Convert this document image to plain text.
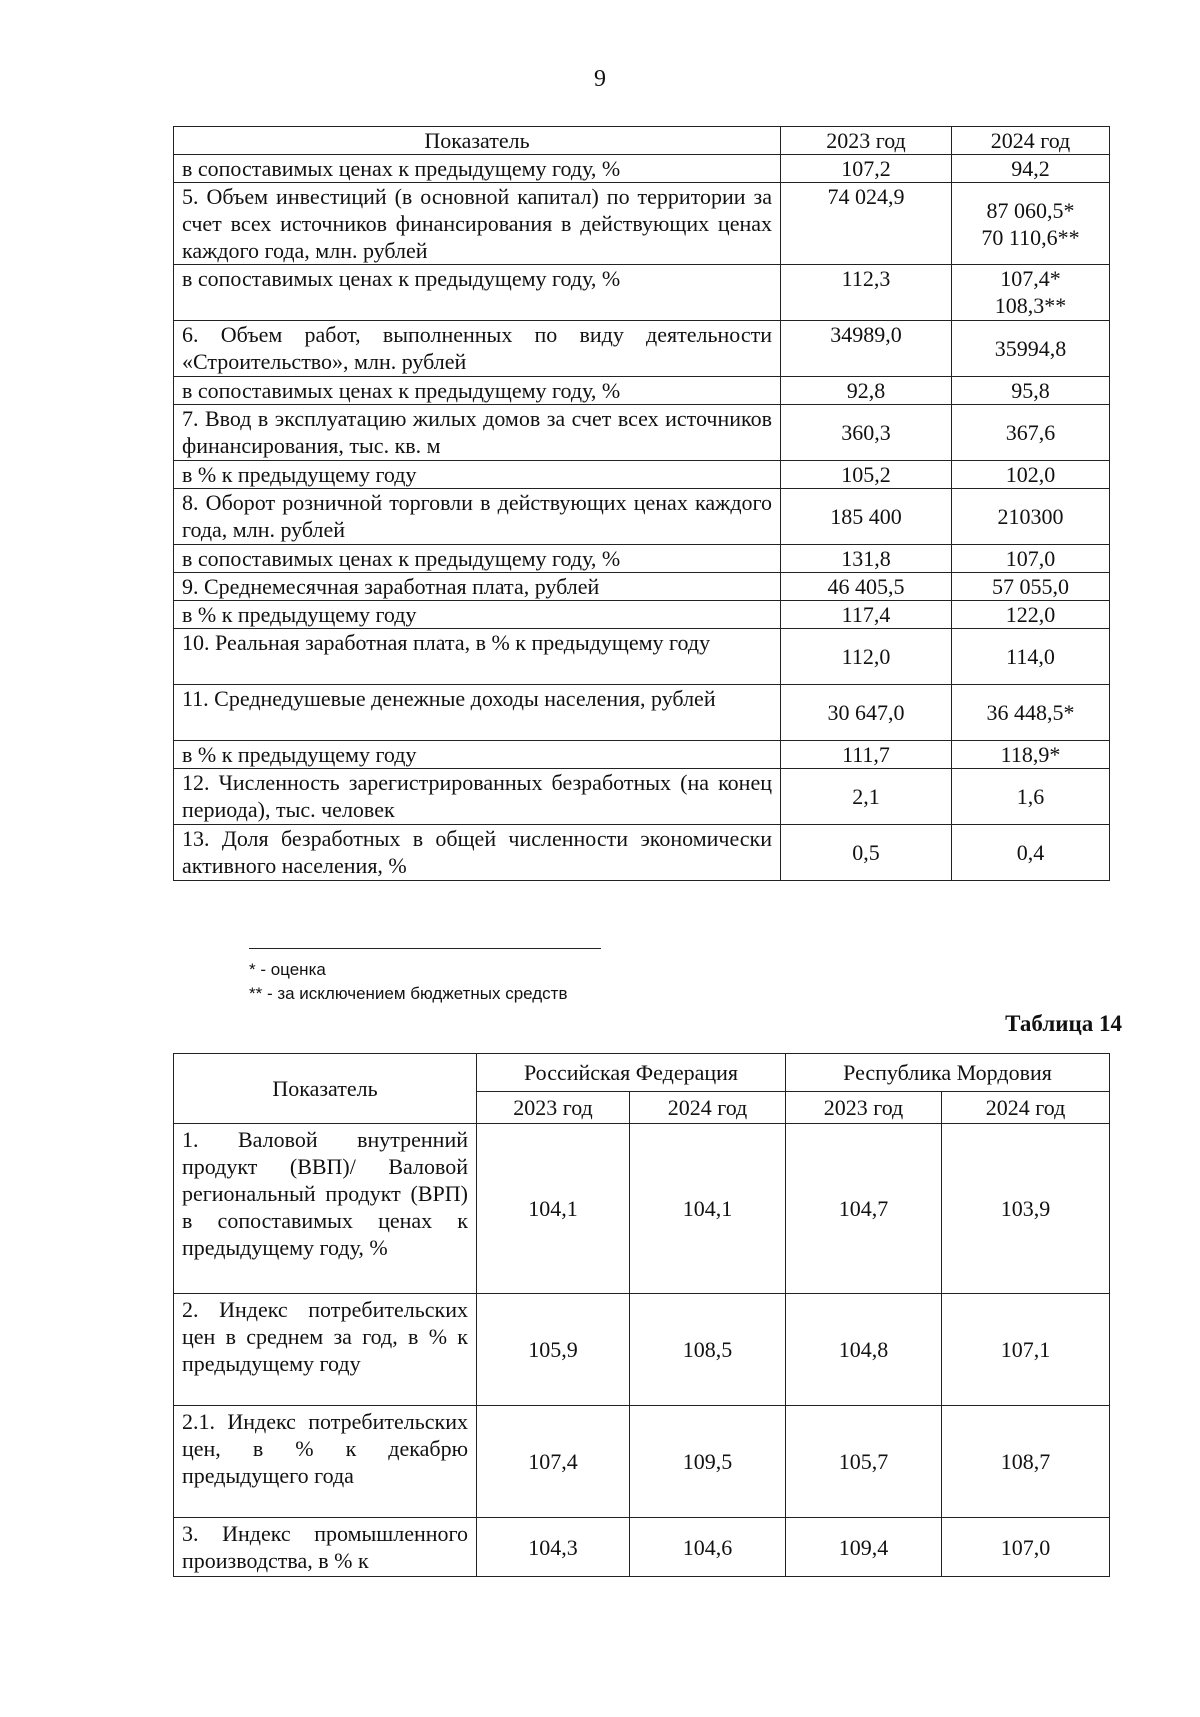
9
Показатель	2023 год	2024 год
в сопоставимых ценах к предыдущему году, %	107,2	94,2
5. Объем инвестиций (в основной капитал) по территории за счет всех источников финансирования в действующих ценах каждого года, млн. рублей	74 024,9	87 060,5*
70 110,6**
в сопоставимых ценах к предыдущему году, %	112,3	107,4*
108,3**
6. Объем работ, выполненных по виду деятельности «Строительство», млн. рублей	34989,0	35994,8
в сопоставимых ценах к предыдущему году, %	92,8	95,8
7. Ввод в эксплуатацию жилых домов за счет всех источников финансирования, тыс. кв. м	360,3	367,6
в % к предыдущему году	105,2	102,0
8. Оборот розничной торговли в действующих ценах каждого года, млн. рублей	185 400	210300
в сопоставимых ценах к предыдущему году, %	131,8	107,0
9. Среднемесячная заработная плата, рублей	46 405,5	57 055,0
в % к предыдущему году	117,4	122,0
10. Реальная заработная плата, в % к предыдущему году	112,0	114,0
11. Среднедушевые денежные доходы населения, рублей	30 647,0	36 448,5*
в % к предыдущему году	111,7	118,9*
12. Численность зарегистрированных безработных (на конец периода), тыс. человек	2,1	1,6
13. Доля безработных в общей численности экономически активного населения, %	0,5	0,4
* - оценка
** - за исключением бюджетных средств
Таблица 14
Показатель	Российская Федерация		Республика Мордовия	
	2023 год	2024 год	2023 год	2024 год
1. Валовой внутренний продукт (ВВП)/ Валовой региональный продукт (ВРП) в сопоставимых ценах к предыдущему году, %	104,1	104,1	104,7	103,9
2. Индекс потребительских цен в среднем за год, в % к предыдущему году	105,9	108,5	104,8	107,1
2.1. Индекс потребительских цен, в % к декабрю предыдущего года	107,4	109,5	105,7	108,7
3. Индекс промышленного производства, в % к	104,3	104,6	109,4	107,0
